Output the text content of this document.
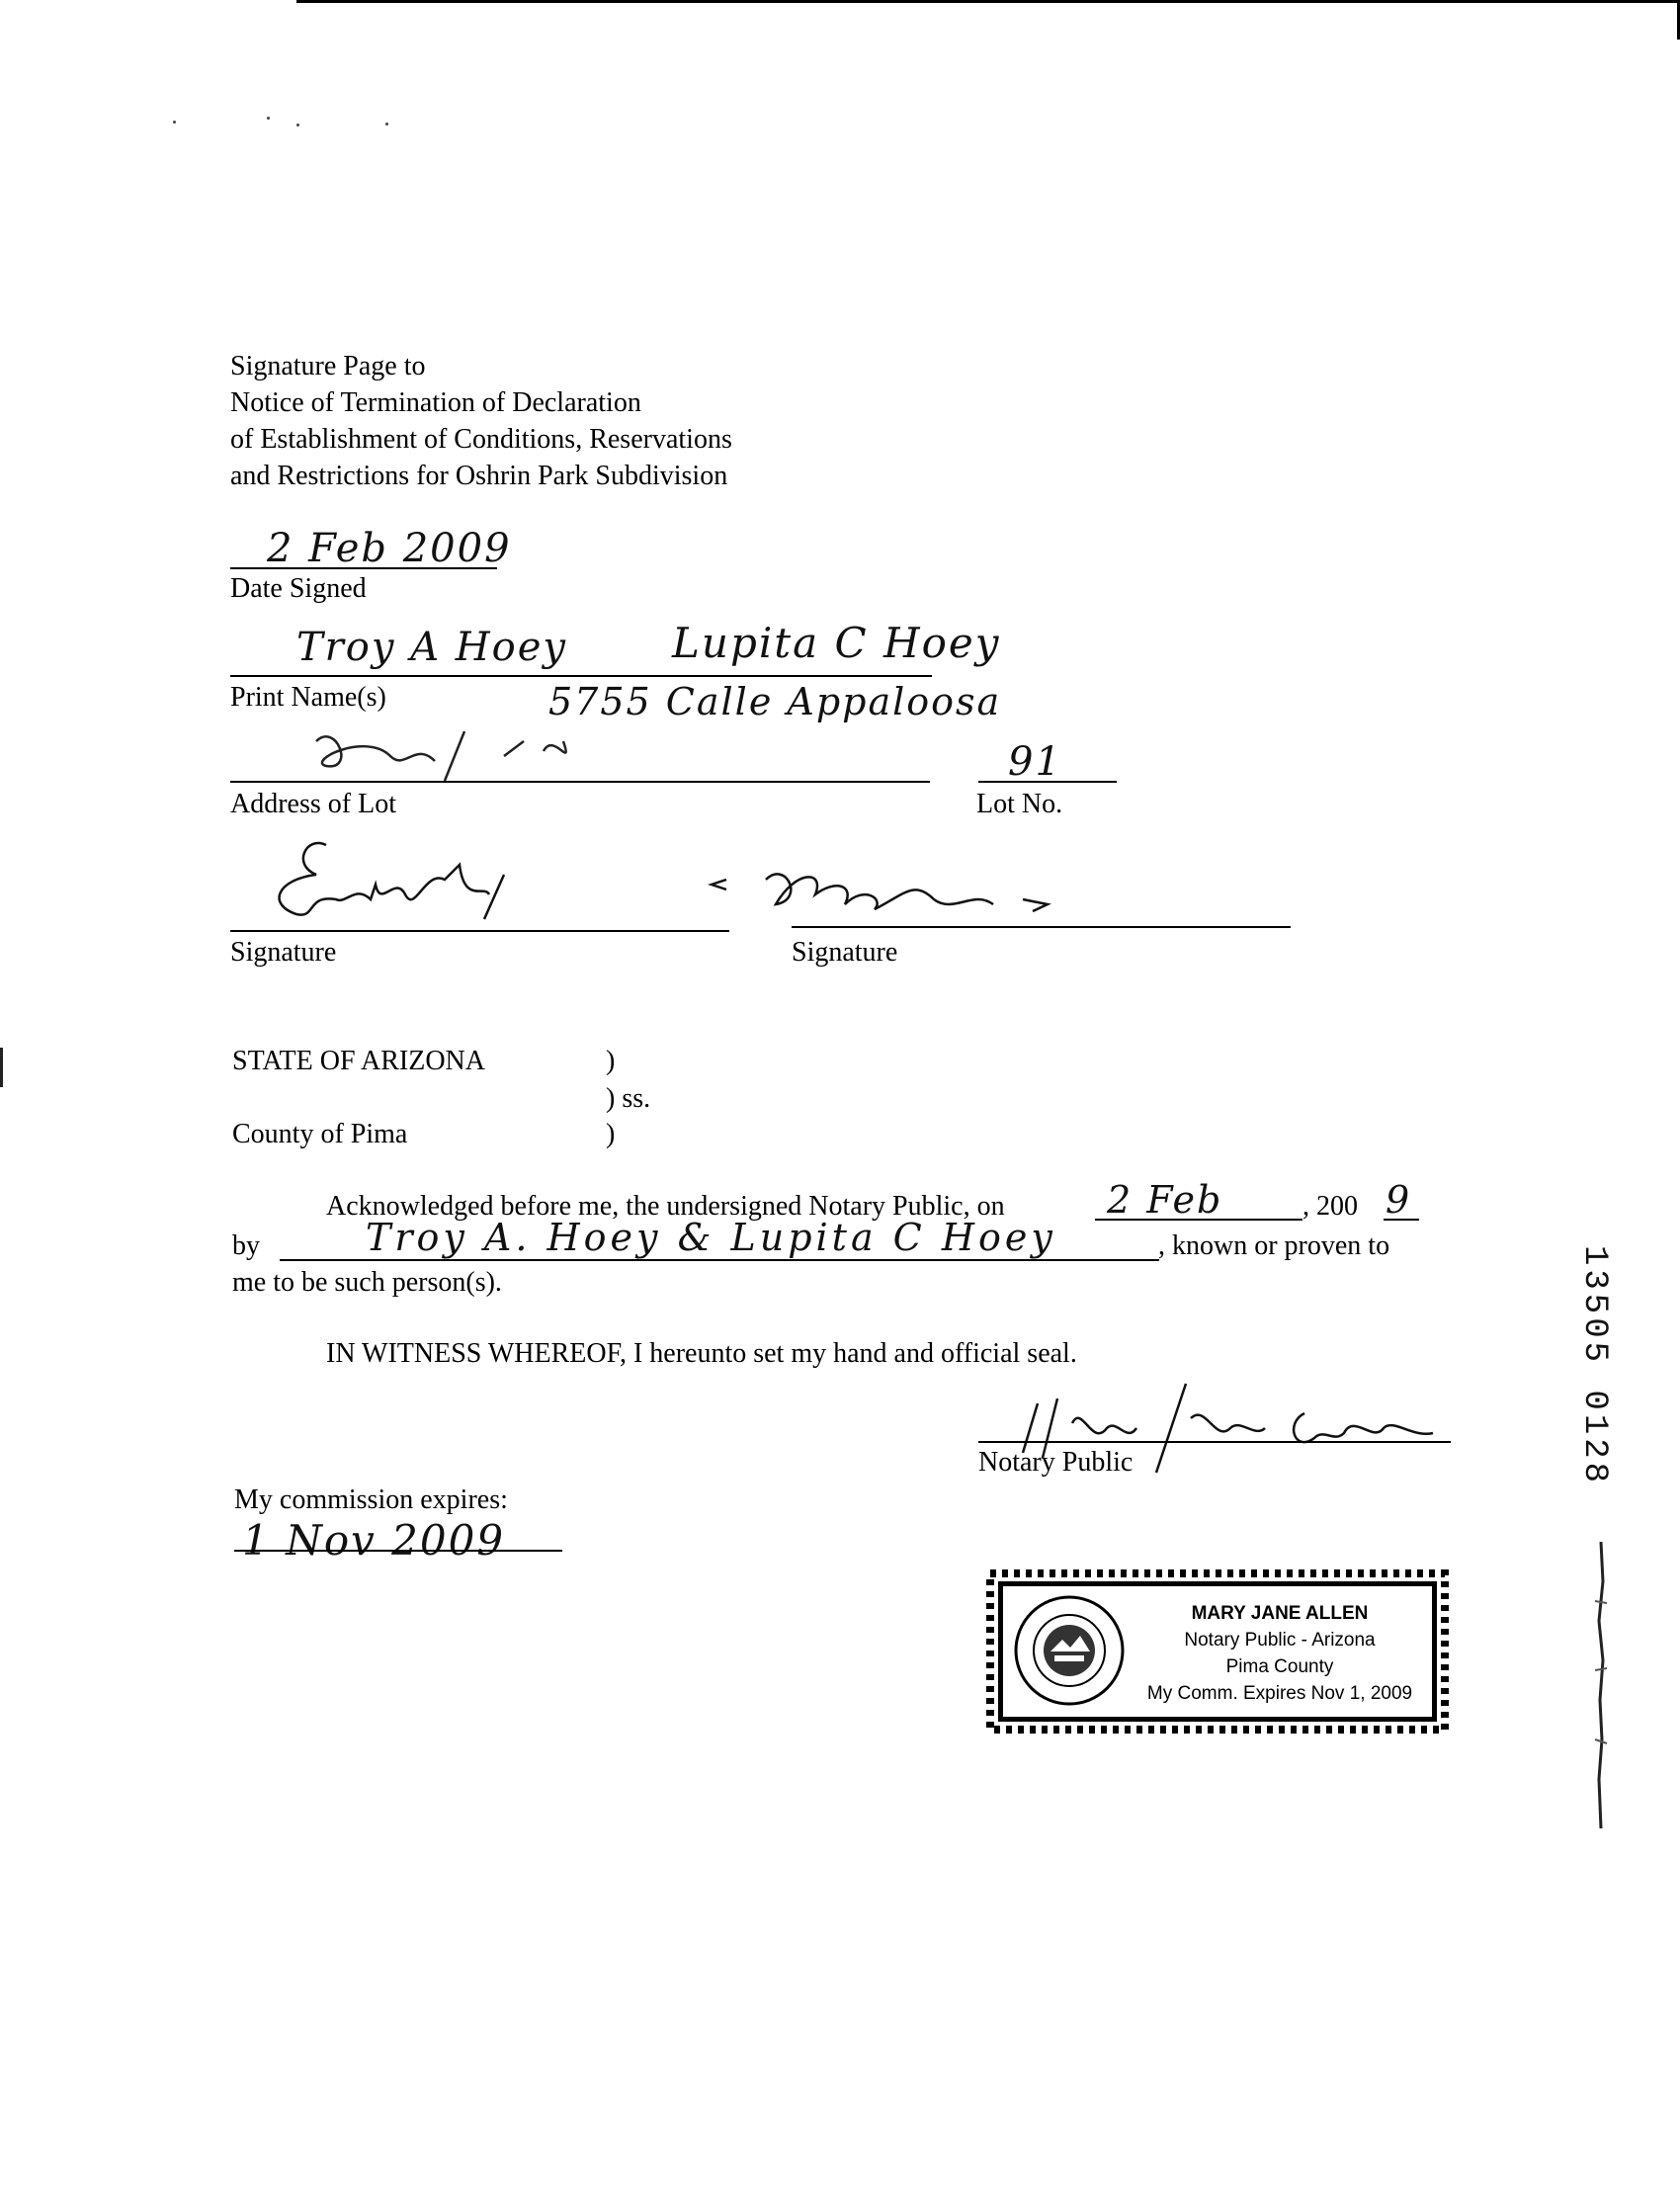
Signature Page to
Notice of Termination of Declaration
of Establishment of Conditions, Reservations
and Restrictions for Oshrin Park Subdivision
2 Feb 2009
Date Signed
Troy A Hoey	Lupita C Hoey
Print Name(s)	5755 Calle Appaloosa
Address of Lot
91
Lot No.
Signature	Signature
STATE OF ARIZONA	)
) ss.
County of Pima	)
Acknowledged before me, the undersigned Notary Public, on	2 Feb	, 200 9
by	Troy A. Hoey & Lupita C Hoey	, known or proven to
me to be such person(s).
IN WITNESS WHEREOF, I hereunto set my hand and official seal.
Notary Public
My commission expires:
1 Nov 2009
MARY JANE ALLEN
Notary Public - Arizona
Pima County
My Comm. Expires Nov 1, 2009
13505 0128
